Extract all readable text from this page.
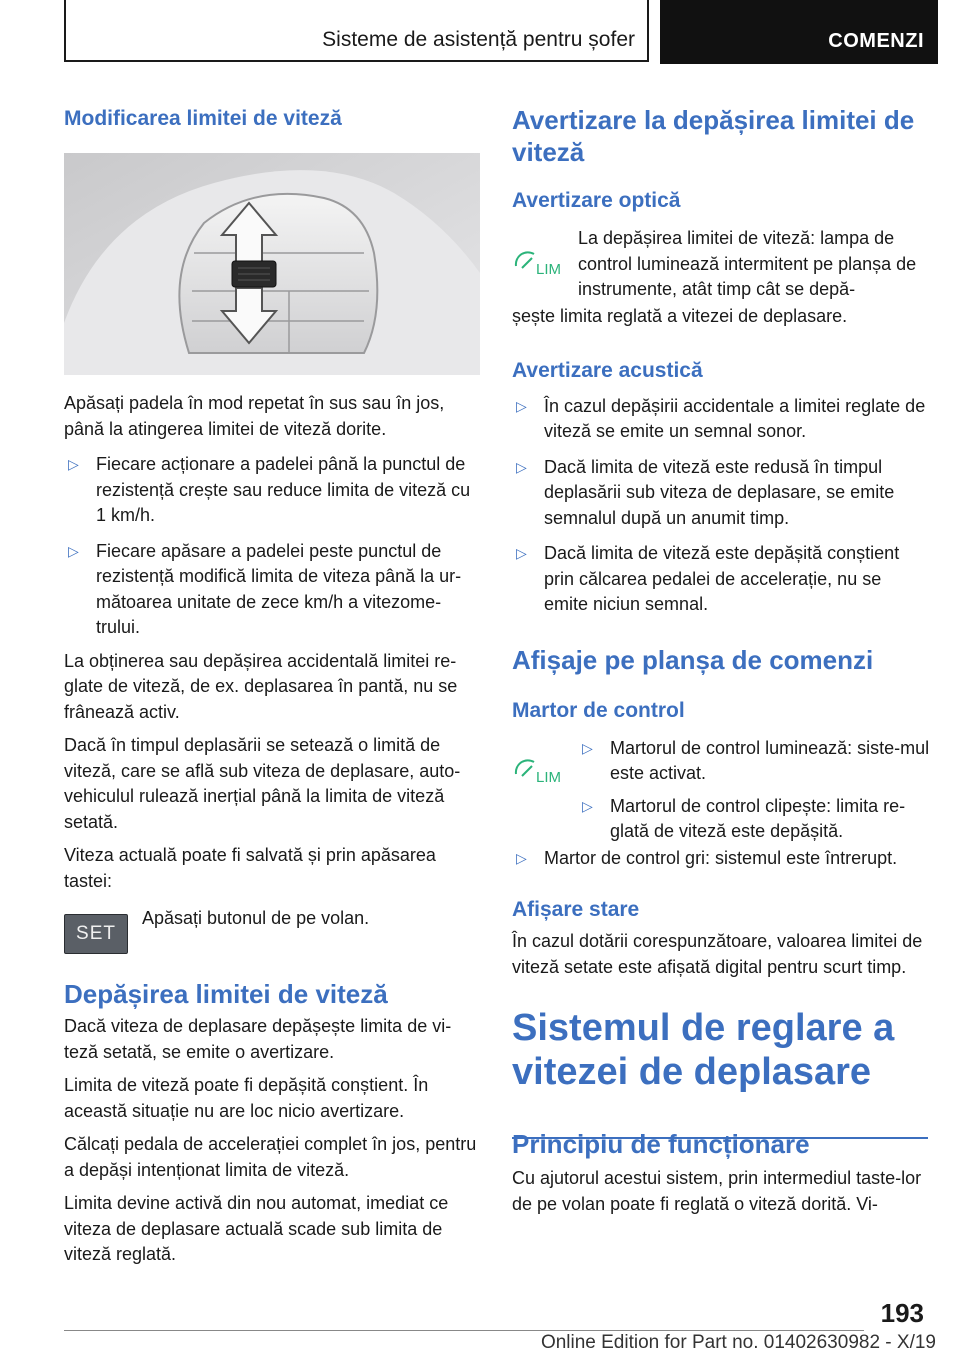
Sisteme de asistență pentru șofer	COMENZI
Modificarea limitei de viteză

Apăsați padela în mod repetat în sus sau în jos, până la atingerea limitei de viteză dorite.

▷ Fiecare acționare a padelei până la punctul de rezistență crește sau reduce limita de viteză cu 1 km/h.
▷ Fiecare apăsare a padelei peste punctul de rezistență modifică limita de viteza până la ur-mătoarea unitate de zece km/h a vitezome-trului.

La obținerea sau depășirea accidentală limitei re-glate de viteză, de ex. deplasarea în pantă, nu se frânează activ.

Dacă în timpul deplasării se setează o limită de viteză, care se află sub viteza de deplasare, auto-vehiculul rulează inerțial până la limita de viteză setată.

Viteza actuală poate fi salvată și prin apăsarea tastei:

SET

Apăsați butonul de pe volan.

Depășirea limitei de viteză

Dacă viteza de deplasare depășește limita de vi-teză setată, se emite o avertizare.

Limita de viteză poate fi depășită conștient. În această situație nu are loc nicio avertizare.

Călcați pedala de accelerației complet în jos, pentru a depăși intenționat limita de viteză.

Limita devine activă din nou automat, imediat ce viteza de deplasare actuală scade sub limita de viteză reglată.

Avertizare la depășirea limitei de viteză
Avertizare optică
LIM

La depășirea limitei de viteză: lampa de control luminează intermitent pe planșa de instrumente, atât timp cât se depă-

șește limita reglată a vitezei de deplasare.

Avertizare acustică
▷ În cazul depășirii accidentale a limitei reglate de viteză se emite un semnal sonor.
▷ Dacă limita de viteză este redusă în timpul deplasării sub viteza de deplasare, se emite semnalul după un anumit timp.
▷ Dacă limita de viteză este depășită conștient prin călcarea pedalei de accelerație, nu se emite niciun semnal.
Afișaje pe planșa de comenzi
Martor de control
LIM
▷ Martorul de control luminează: siste-mul este activat.
▷ Martorul de control clipește: limita re-glată de viteză este depășită.
▷ Martor de control gri: sistemul este întrerupt.
Afișare stare

În cazul dotării corespunzătoare, valoarea limitei de viteză setate este afișată digital pentru scurt timp.

Sistemul de reglare a vitezei de deplasare
Principiu de funcționare

Cu ajutorul acestui sistem, prin intermediul taste-lor de pe volan poate fi reglată o viteză dorită. Vi-

193
Online Edition for Part no. 01402630982 - X/19
